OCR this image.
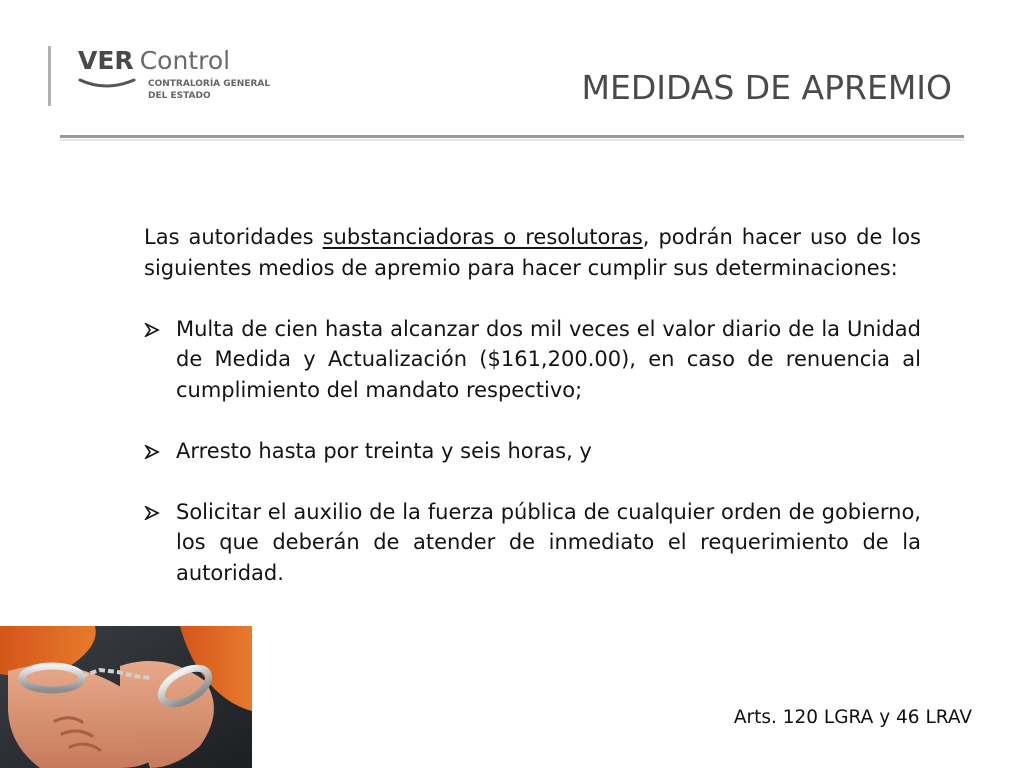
VER Control
CONTRALORÍA GENERAL
DEL ESTADO	MEDIDAS DE APREMIO

Las autoridades substanciadoras o resolutoras, podrán hacer uso de los siguientes medios de apremio para hacer cumplir sus determinaciones:

Multa de cien hasta alcanzar dos mil veces el valor diario de la Unidad de Medida y Actualización ($161,200.00), en caso de renuencia al cumplimiento del mandato respectivo;

Arresto hasta por treinta y seis horas, y

Solicitar el auxilio de la fuerza pública de cualquier orden de gobierno, los que deberán de atender de inmediato el requerimiento de la autoridad.

Arts. 120 LGRA y 46 LRAV
